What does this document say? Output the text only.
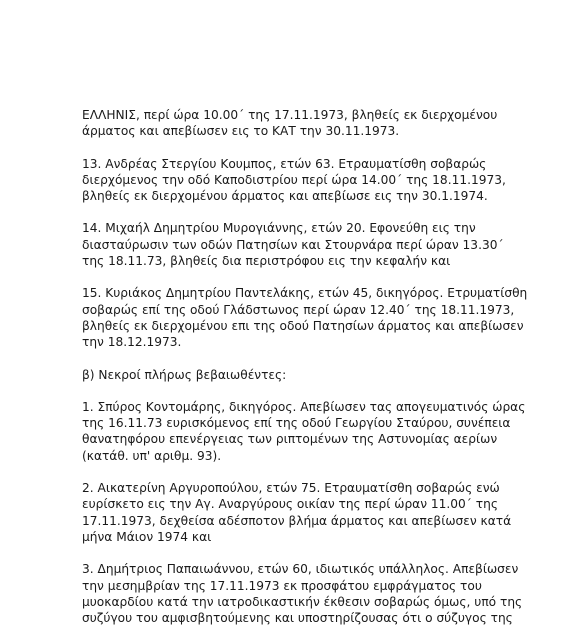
ΕΛΛΗΝΙΣ, περί ώρα 10.00΄ της 17.11.1973, βληθείς εκ διερχομένου
άρματος και απεβίωσεν εις το ΚΑΤ την 30.11.1973.

13. Ανδρέας Στεργίου Κουμπος, ετών 63. Ετραυματίσθη σοβαρώς
διερχόμενος την οδό Καποδιστρίου περί ώρα 14.00΄ της 18.11.1973,
βληθείς εκ διερχομένου άρματος και απεβίωσε εις την 30.1.1974.

14. Μιχαήλ Δημητρίου Μυρογιάννης, ετών 20. Εφονεύθη εις την
διασταύρωσιν των οδών Πατησίων και Στουρνάρα περί ώραν 13.30΄
της 18.11.73, βληθείς δια περιστρόφου εις την κεφαλήν και

15. Κυριάκος Δημητρίου Παντελάκης, ετών 45, δικηγόρος. Ετρυματίσθη
σοβαρώς επί της οδού Γλάδστωνος περί ώραν 12.40΄ της 18.11.1973,
βληθείς εκ διερχομένου επι της οδού Πατησίων άρματος και απεβίωσεν
την 18.12.1973.

β) Νεκροί πλήρως βεβαιωθέντες:

1. Σπύρος Κοντομάρης, δικηγόρος. Απεβίωσεν τας απογευματινός ώρας
της 16.11.73 ευρισκόμενος επί της οδού Γεωργίου Σταύρου, συνέπεια
θανατηφόρου επενέργειας των ριπτομένων της Αστυνομίας αερίων
(κατάθ. υπ' αριθμ. 93).

2. Αικατερίνη Αργυροπούλου, ετών 75. Ετραυματίσθη σοβαρώς ενώ
ευρίσκετο εις την Αγ. Αναργύρους οικίαν της περί ώραν 11.00΄ της
17.11.1973, δεχθείσα αδέσποτον βλήμα άρματος και απεβίωσεν κατά
μήνα Μάιον 1974 και

3. Δημήτριος Παπαιωάννου, ετών 60, ιδιωτικός υπάλληλος. Απεβίωσεν
την μεσημβρίαν της 17.11.1973 εκ προσφάτου εμφράγματος του
μυοκαρδίου κατά την ιατροδικαστικήν έκθεσιν σοβαρώς όμως, υπό της
συζύγου του αμφισβητούμενης και υποστηρίζουσας ότι ο σύζυγος της
